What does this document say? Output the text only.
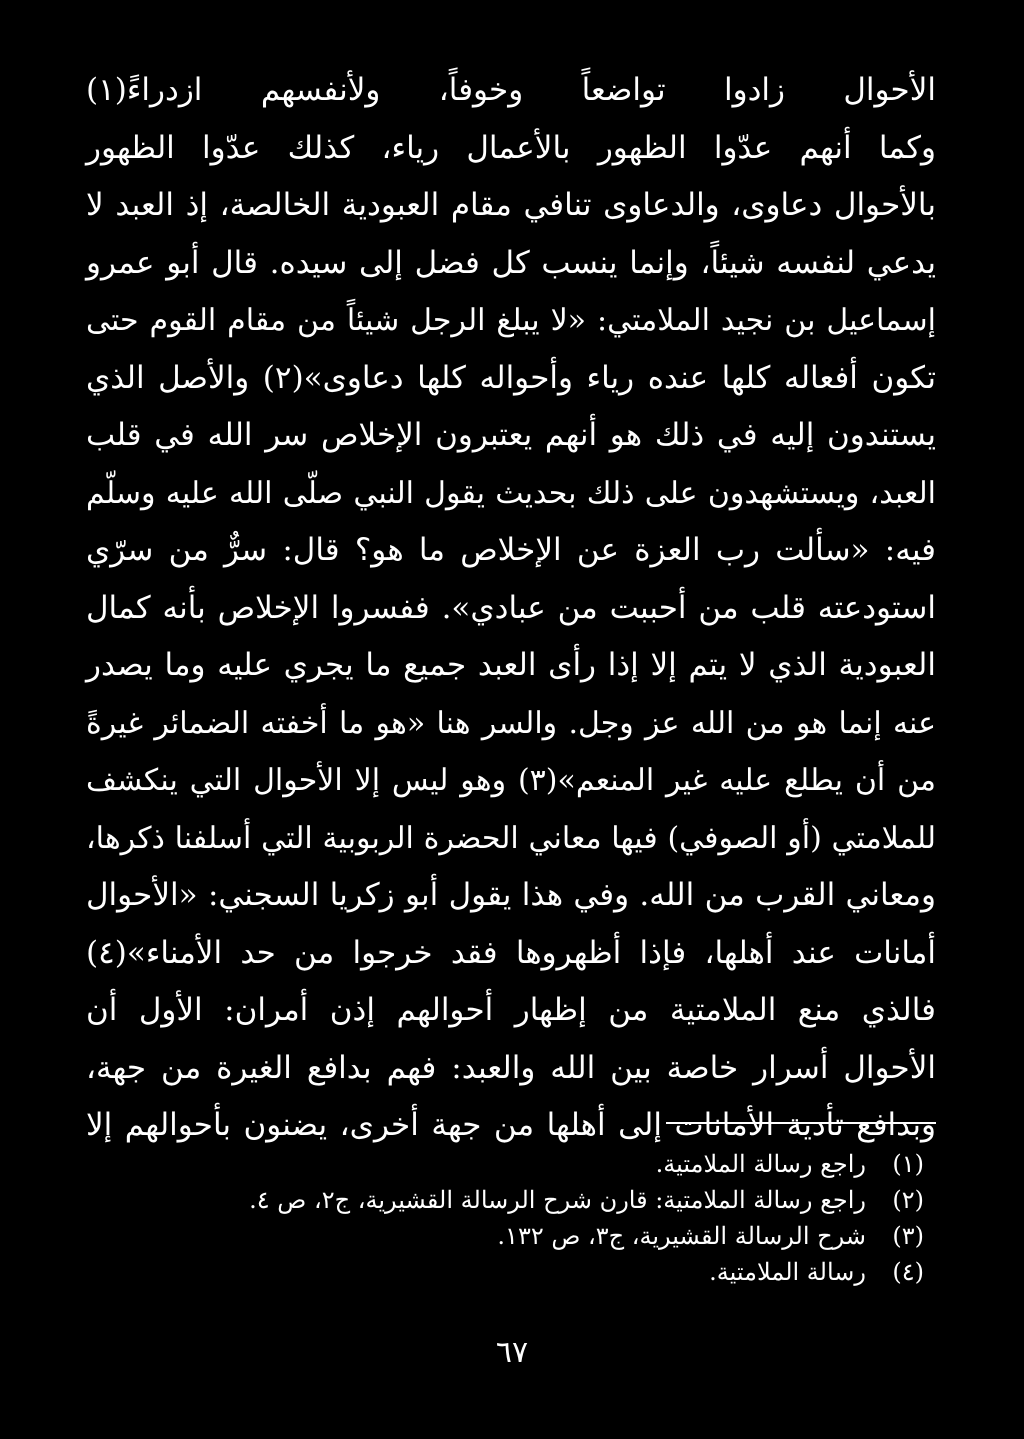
الأحوال زادوا تواضعاً وخوفاً، ولأنفسهم ازدراءً(١)
وكما أنهم عدّوا الظهور بالأعمال رياء، كذلك عدّوا الظهور
بالأحوال دعاوى، والدعاوى تنافي مقام العبودية الخالصة، إذ العبد لا
يدعي لنفسه شيئاً، وإنما ينسب كل فضل إلى سيده. قال أبو عمرو
إسماعيل بن نجيد الملامتي: «لا يبلغ الرجل شيئاً من مقام القوم حتى
تكون أفعاله كلها عنده رياء وأحواله كلها دعاوى»(٢) والأصل الذي
يستندون إليه في ذلك هو أنهم يعتبرون الإخلاص سر الله في قلب
العبد، ويستشهدون على ذلك بحديث يقول النبي صلّى الله عليه وسلّم
فيه: «سألت رب العزة عن الإخلاص ما هو؟ قال: سرٌّ من سرّي
استودعته قلب من أحببت من عبادي». ففسروا الإخلاص بأنه كمال
العبودية الذي لا يتم إلا إذا رأى العبد جميع ما يجري عليه وما يصدر
عنه إنما هو من الله عز وجل. والسر هنا «هو ما أخفته الضمائر غيرةً
من أن يطلع عليه غير المنعم»(٣) وهو ليس إلا الأحوال التي ينكشف
للملامتي (أو الصوفي) فيها معاني الحضرة الربوبية التي أسلفنا ذكرها،
ومعاني القرب من الله. وفي هذا يقول أبو زكريا السجني: «الأحوال
أمانات عند أهلها، فإذا أظهروها فقد خرجوا من حد الأمناء»(٤)
فالذي منع الملامتية من إظهار أحوالهم إذن أمران: الأول أن
الأحوال أسرار خاصة بين الله والعبد: فهم بدافع الغيرة من جهة،
وبدافع تأدية الأمانات إلى أهلها من جهة أخرى، يضنون بأحوالهم إلا
(١)راجع رسالة الملامتية.
(٢)راجع رسالة الملامتية: قارن شرح الرسالة القشيرية، ج٢، ص ٤.
(٣)شرح الرسالة القشيرية، ج٣، ص ١٣٢.
(٤)رسالة الملامتية.
٦٧
